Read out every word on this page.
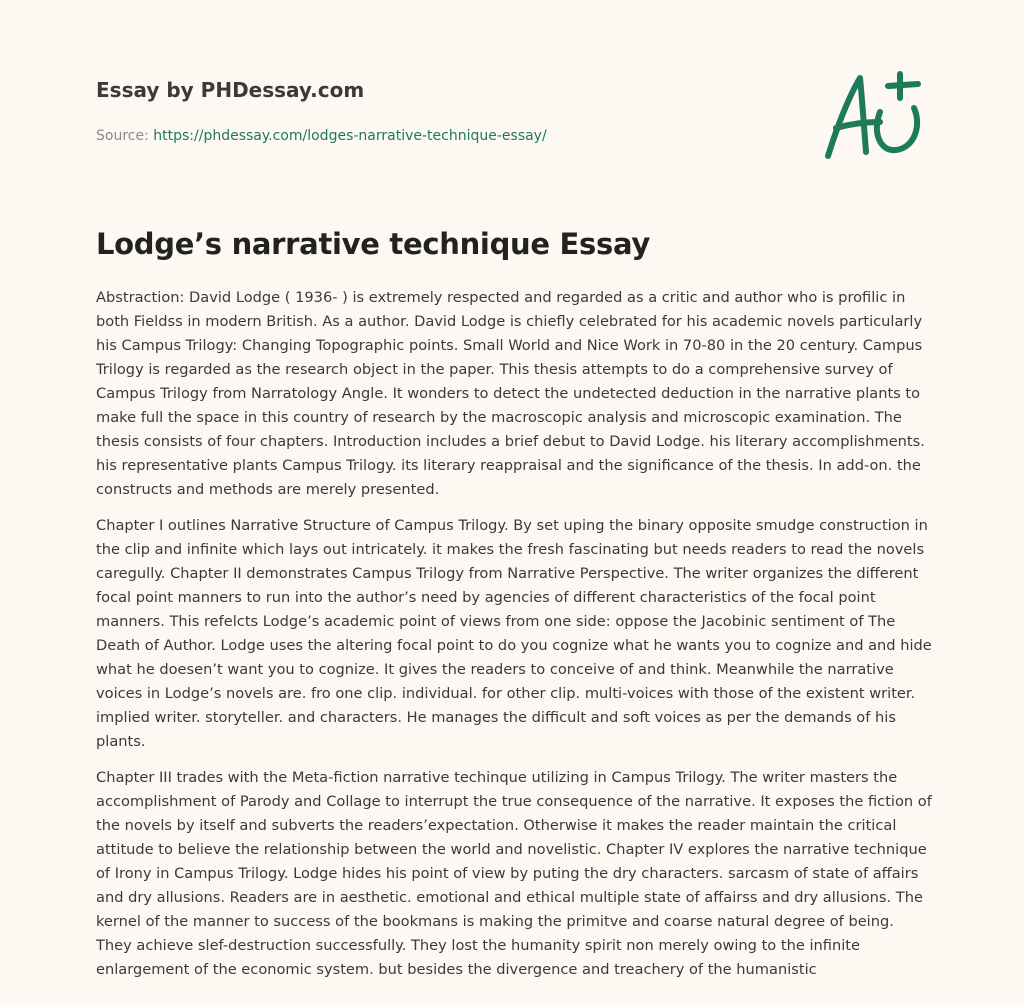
Essay by PHDessay.com
Source: https://phdessay.com/lodges-narrative-technique-essay/
Lodge’s narrative technique Essay

Abstraction: David Lodge ( 1936- ) is extremely respected and regarded as a critic and author who is profilic in both Fieldss in modern British. As a author. David Lodge is chiefly celebrated for his academic novels particularly his Campus Trilogy: Changing Topographic points. Small World and Nice Work in 70-80 in the 20 century. Campus Trilogy is regarded as the research object in the paper. This thesis attempts to do a comprehensive survey of Campus Trilogy from Narratology Angle. It wonders to detect the undetected deduction in the narrative plants to make full the space in this country of research by the macroscopic analysis and microscopic examination. The thesis consists of four chapters. Introduction includes a brief debut to David Lodge. his literary accomplishments. his representative plants Campus Trilogy. its literary reappraisal and the significance of the thesis. In add-on. the constructs and methods are merely presented.

Chapter I outlines Narrative Structure of Campus Trilogy. By set uping the binary opposite smudge construction in the clip and infinite which lays out intricately. it makes the fresh fascinating but needs readers to read the novels caregully. Chapter II demonstrates Campus Trilogy from Narrative Perspective. The writer organizes the different focal point manners to run into the author’s need by agencies of different characteristics of the focal point manners. This refelcts Lodge’s academic point of views from one side: oppose the Jacobinic sentiment of The Death of Author. Lodge uses the altering focal point to do you cognize what he wants you to cognize and and hide what he doesen’t want you to cognize. It gives the readers to conceive of and think. Meanwhile the narrative voices in Lodge’s novels are. fro one clip. individual. for other clip. multi-voices with those of the existent writer. implied writer. storyteller. and characters. He manages the difficult and soft voices as per the demands of his plants.

Chapter III trades with the Meta-fiction narrative techinque utilizing in Campus Trilogy. The writer masters the accomplishment of Parody and Collage to interrupt the true consequence of the narrative. It exposes the fiction of the novels by itself and subverts the readers’expectation. Otherwise it makes the reader maintain the critical attitude to believe the relationship between the world and novelistic. Chapter IV explores the narrative technique of Irony in Campus Trilogy. Lodge hides his point of view by puting the dry characters. sarcasm of state of affairs and dry allusions. Readers are in aesthetic. emotional and ethical multiple state of affairss and dry allusions. The kernel of the manner to success of the bookmans is making the primitve and coarse natural degree of being. They achieve slef-destruction successfully. They lost the humanity spirit non merely owing to the infinite enlargement of the economic system. but besides the divergence and treachery of the humanistic
